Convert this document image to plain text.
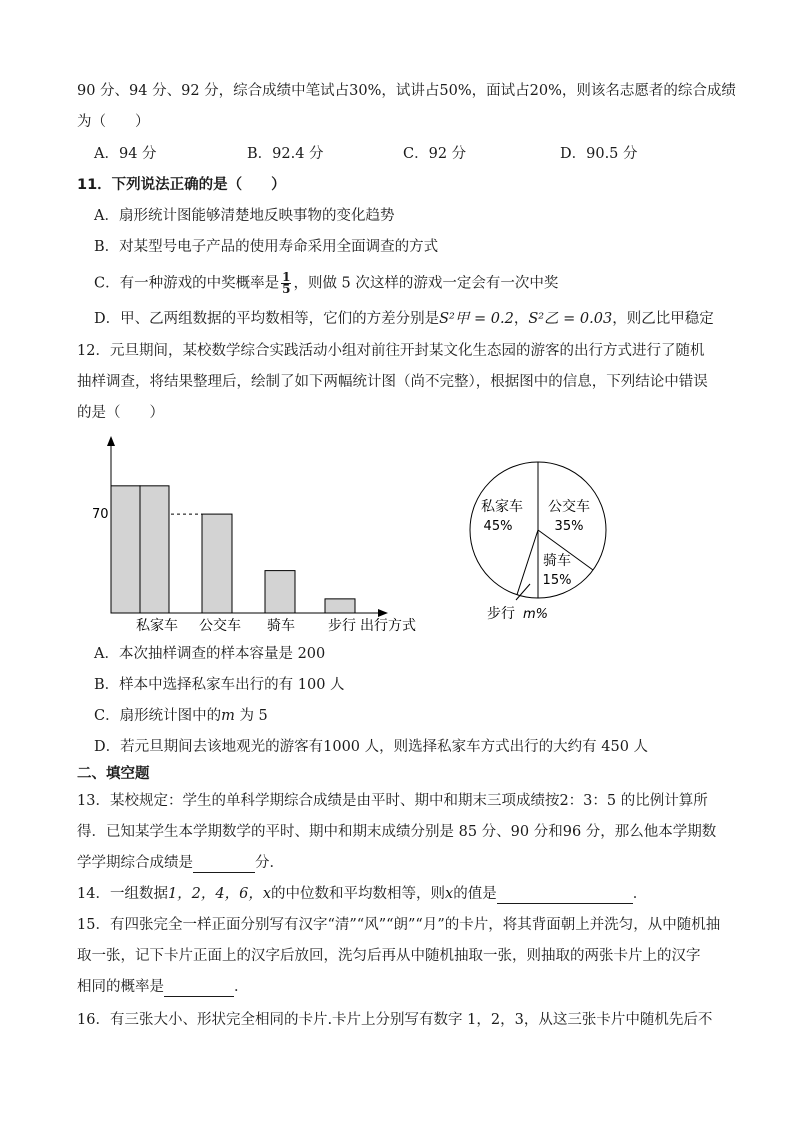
90 分、94 分、92 分，综合成绩中笔试占30%，试讲占50%，面试占20%，则该名志愿者的综合成绩
为（　　）
A．94 分	B．92.4 分	C．92 分	D．90.5 分
11．下列说法正确的是（　　）
A．扇形统计图能够清楚地反映事物的变化趋势
B．对某型号电子产品的使用寿命采用全面调查的方式
C．有一种游戏的中奖概率是 $\frac{1}{5}$ ，则做 5 次这样的游戏一定会有一次中奖
D．甲、乙两组数据的平均数相等，它们的方差分别是S²甲 = 0.2，S²乙 = 0.03，则乙比甲稳定
12．元旦期间，某校数学综合实践活动小组对前往开封某文化生态园的游客的出行方式进行了随机
抽样调查，将结果整理后，绘制了如下两幅统计图（尚不完整），根据图中的信息，下列结论中错误
的是（　　）
70
私家车 公交车 骑车 步行 出行方式
私家车
45%
公交车
35%
骑车
15%
步行 m%
A．本次抽样调查的样本容量是 200
B．样本中选择私家车出行的有 100 人
C．扇形统计图中的m 为 5
D．若元旦期间去该地观光的游客有1000 人，则选择私家车方式出行的大约有 450 人
二、填空题
13．某校规定：学生的单科学期综合成绩是由平时、期中和期末三项成绩按2：3：5 的比例计算所
得．已知某学生本学期数学的平时、期中和期末成绩分别是 85 分、90 分和96 分，那么他本学期数
学学期综合成绩是	分．
14．一组数据1，2，4，6，x的中位数和平均数相等，则x的值是	．
15．有四张完全一样正面分别写有汉字“清”“风”“朗”“月”的卡片，将其背面朝上并洗匀，从中随机抽
取一张，记下卡片正面上的汉字后放回，洗匀后再从中随机抽取一张，则抽取的两张卡片上的汉字
相同的概率是	．
16．有三张大小、形状完全相同的卡片.卡片上分别写有数字 1，2，3，从这三张卡片中随机先后不
